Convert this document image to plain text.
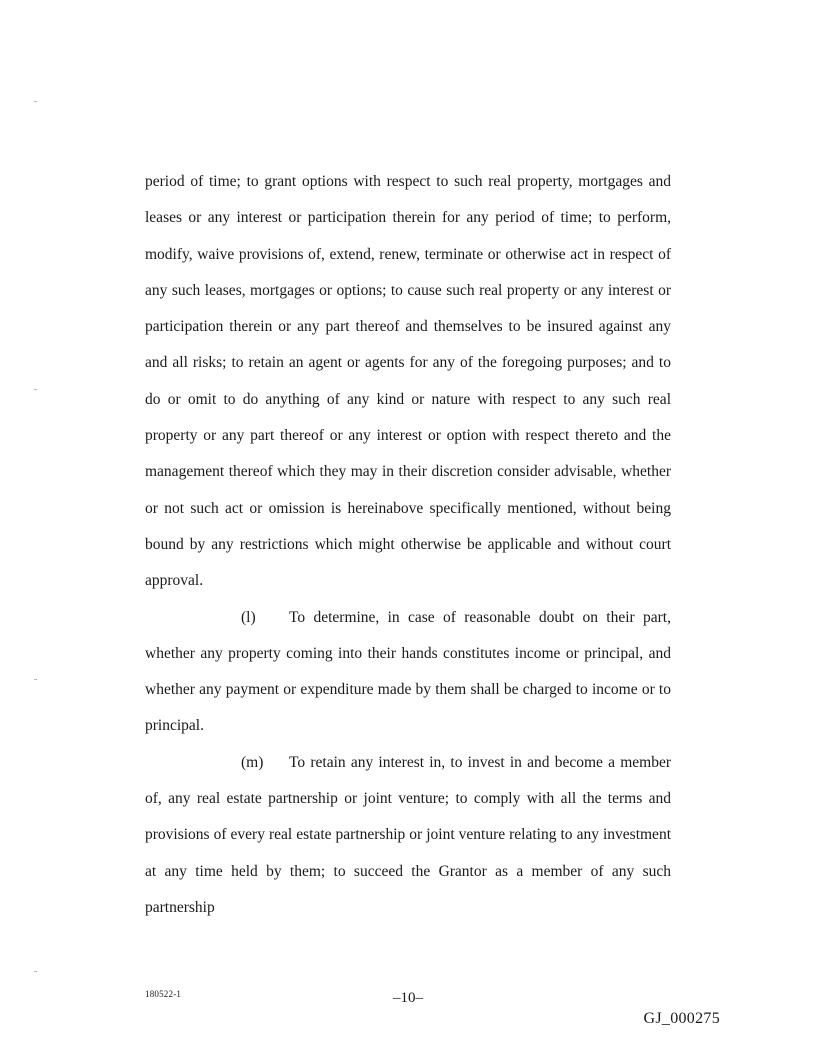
period of time; to grant options with respect to such real property, mortgages and leases or any interest or participation therein for any period of time; to perform, modify, waive provisions of, extend, renew, terminate or otherwise act in respect of any such leases, mortgages or options; to cause such real property or any interest or participation therein or any part thereof and themselves to be insured against any and all risks; to retain an agent or agents for any of the foregoing purposes; and to do or omit to do anything of any kind or nature with respect to any such real property or any part thereof or any interest or option with respect thereto and the management thereof which they may in their discretion consider advisable, whether or not such act or omission is hereinabove specifically mentioned, without being bound by any restrictions which might otherwise be applicable and without court approval.

(l) To determine, in case of reasonable doubt on their part, whether any property coming into their hands constitutes income or principal, and whether any payment or expenditure made by them shall be charged to income or to principal.

(m) To retain any interest in, to invest in and become a member of, any real estate partnership or joint venture; to comply with all the terms and provisions of every real estate partnership or joint venture relating to any investment at any time held by them; to succeed the Grantor as a member of any such partnership

180522-1	–10–
GJ_000275
